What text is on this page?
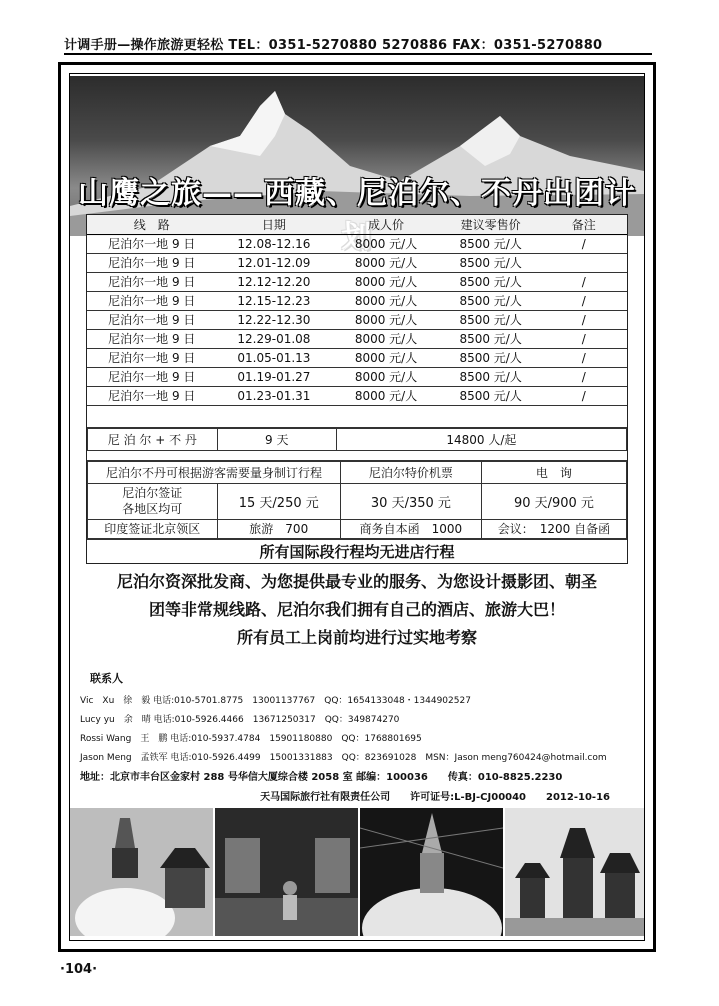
计调手册—操作旅游更轻松 TEL：0351-5270880 5270886 FAX：0351-5270880
山鹰之旅——西藏、尼泊尔、不丹出团计
线　路	日期	成人价	建议零售价	备注
尼泊尔一地 9 日	12.08-12.16	8000 元/人	8500 元/人	/
尼泊尔一地 9 日	12.01-12.09	8000 元/人	8500 元/人	
尼泊尔一地 9 日	12.12-12.20	8000 元/人	8500 元/人	/
尼泊尔一地 9 日	12.15-12.23	8000 元/人	8500 元/人	/
尼泊尔一地 9 日	12.22-12.30	8000 元/人	8500 元/人	/
尼泊尔一地 9 日	12.29-01.08	8000 元/人	8500 元/人	/
尼泊尔一地 9 日	01.05-01.13	8000 元/人	8500 元/人	/
尼泊尔一地 9 日	01.19-01.27	8000 元/人	8500 元/人	/
尼泊尔一地 9 日	01.23-01.31	8000 元/人	8500 元/人	/
尼 泊 尔 + 不 丹	9 天	14800 人/起
尼泊尔不丹可根据游客需要量身制订行程		尼泊尔特价机票	电　询
尼泊尔签证
各地区均可	15 天/250 元	30 天/350 元	90 天/900 元
印度签证北京领区	旅游　700	商务自本函　1000	会议：　1200 自备函
所有国际段行程均无进店行程
尼泊尔资深批发商、为您提供最专业的服务、为您设计摄影团、朝圣
团等非常规线路、尼泊尔我们拥有自己的酒店、旅游大巴！
所有员工上岗前均进行过实地考察
联系人
Vic　Xu　徐　毅 电话:010-5701.8775　13001137767　QQ：1654133048・1344902527
Lucy yu　余　晴 电话:010-5926.4466　13671250317　QQ：349874270
Rossi Wang　王　鹏 电话:010-5937.4784　15901180880　QQ：1768801695
Jason Meng　孟铁军 电话:010-5926.4499　15001331883　QQ：823691028　MSN：Jason meng760424@hotmail.com
地址：北京市丰台区金家村 288 号华信大厦综合楼 2058 室 邮编：100036　　传真：010-8825.2230
天马国际旅行社有限责任公司　　许可证号:L-BJ-CJ00040　　2012-10-16
·104·
